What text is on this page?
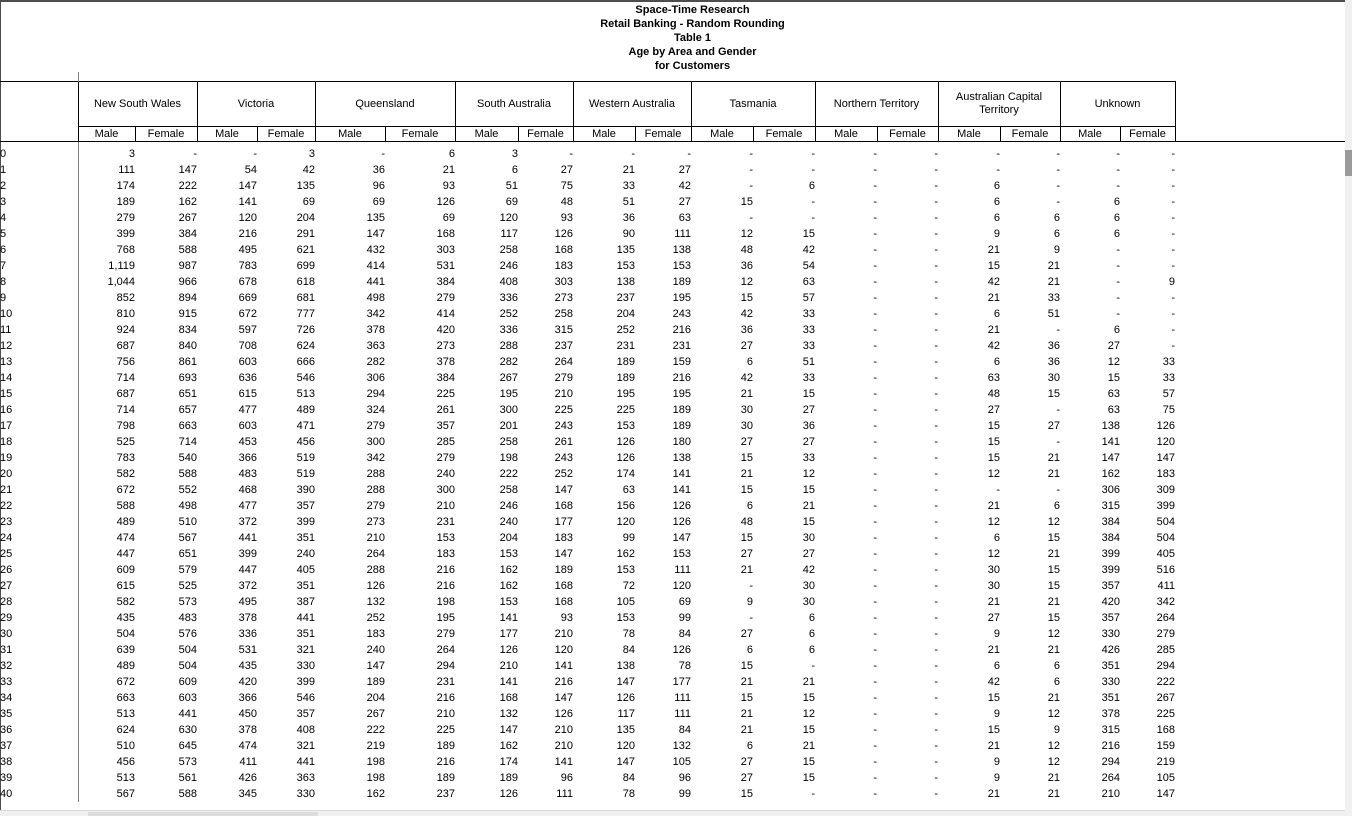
Space-Time Research
Retail Banking - Random Rounding
Table 1
Age by Area and Gender
for Customers
	New South Wales		Victoria		Queensland		South Australia		Western Australia		Tasmania		Northern Territory		Australian Capital Territory		Unknown	
	Male	Female	Male	Female	Male	Female	Male	Female	Male	Female	Male	Female	Male	Female	Male	Female	Male	Female
0	3	-	-	3	-	6	3	-	-	-	-	-	-	-	-	-	-	-
1	111	147	54	42	36	21	6	27	21	27	-	-	-	-	-	-	-	-
2	174	222	147	135	96	93	51	75	33	42	-	6	-	-	6	-	-	-
3	189	162	141	69	69	126	69	48	51	27	15	-	-	-	6	-	6	-
4	279	267	120	204	135	69	120	93	36	63	-	-	-	-	6	6	6	-
5	399	384	216	291	147	168	117	126	90	111	12	15	-	-	9	6	6	-
6	768	588	495	621	432	303	258	168	135	138	48	42	-	-	21	9	-	-
7	1,119	987	783	699	414	531	246	183	153	153	36	54	-	-	15	21	-	-
8	1,044	966	678	618	441	384	408	303	138	189	12	63	-	-	42	21	-	9
9	852	894	669	681	498	279	336	273	237	195	15	57	-	-	21	33	-	-
10	810	915	672	777	342	414	252	258	204	243	42	33	-	-	6	51	-	-
11	924	834	597	726	378	420	336	315	252	216	36	33	-	-	21	-	6	-
12	687	840	708	624	363	273	288	237	231	231	27	33	-	-	42	36	27	-
13	756	861	603	666	282	378	282	264	189	159	6	51	-	-	6	36	12	33
14	714	693	636	546	306	384	267	279	189	216	42	33	-	-	63	30	15	33
15	687	651	615	513	294	225	195	210	195	195	21	15	-	-	48	15	63	57
16	714	657	477	489	324	261	300	225	225	189	30	27	-	-	27	-	63	75
17	798	663	603	471	279	357	201	243	153	189	30	36	-	-	15	27	138	126
18	525	714	453	456	300	285	258	261	126	180	27	27	-	-	15	-	141	120
19	783	540	366	519	342	279	198	243	126	138	15	33	-	-	15	21	147	147
20	582	588	483	519	288	240	222	252	174	141	21	12	-	-	12	21	162	183
21	672	552	468	390	288	300	258	147	63	141	15	15	-	-	-	-	306	309
22	588	498	477	357	279	210	246	168	156	126	6	21	-	-	21	6	315	399
23	489	510	372	399	273	231	240	177	120	126	48	15	-	-	12	12	384	504
24	474	567	441	351	210	153	204	183	99	147	15	30	-	-	6	15	384	504
25	447	651	399	240	264	183	153	147	162	153	27	27	-	-	12	21	399	405
26	609	579	447	405	288	216	162	189	153	111	21	42	-	-	30	15	399	516
27	615	525	372	351	126	216	162	168	72	120	-	30	-	-	30	15	357	411
28	582	573	495	387	132	198	153	168	105	69	9	30	-	-	21	21	420	342
29	435	483	378	441	252	195	141	93	153	99	-	6	-	-	27	15	357	264
30	504	576	336	351	183	279	177	210	78	84	27	6	-	-	9	12	330	279
31	639	504	531	321	240	264	126	120	84	126	6	6	-	-	21	21	426	285
32	489	504	435	330	147	294	210	141	138	78	15	-	-	-	6	6	351	294
33	672	609	420	399	189	231	141	216	147	177	21	21	-	-	42	6	330	222
34	663	603	366	546	204	216	168	147	126	111	15	15	-	-	15	21	351	267
35	513	441	450	357	267	210	132	126	117	111	21	12	-	-	9	12	378	225
36	624	630	378	408	222	225	147	210	135	84	21	15	-	-	15	9	315	168
37	510	645	474	321	219	189	162	210	120	132	6	21	-	-	21	12	216	159
38	456	573	411	441	198	216	174	141	147	105	27	15	-	-	9	12	294	219
39	513	561	426	363	198	189	189	96	84	96	27	15	-	-	9	21	264	105
40	567	588	345	330	162	237	126	111	78	99	15	-	-	-	21	21	210	147
